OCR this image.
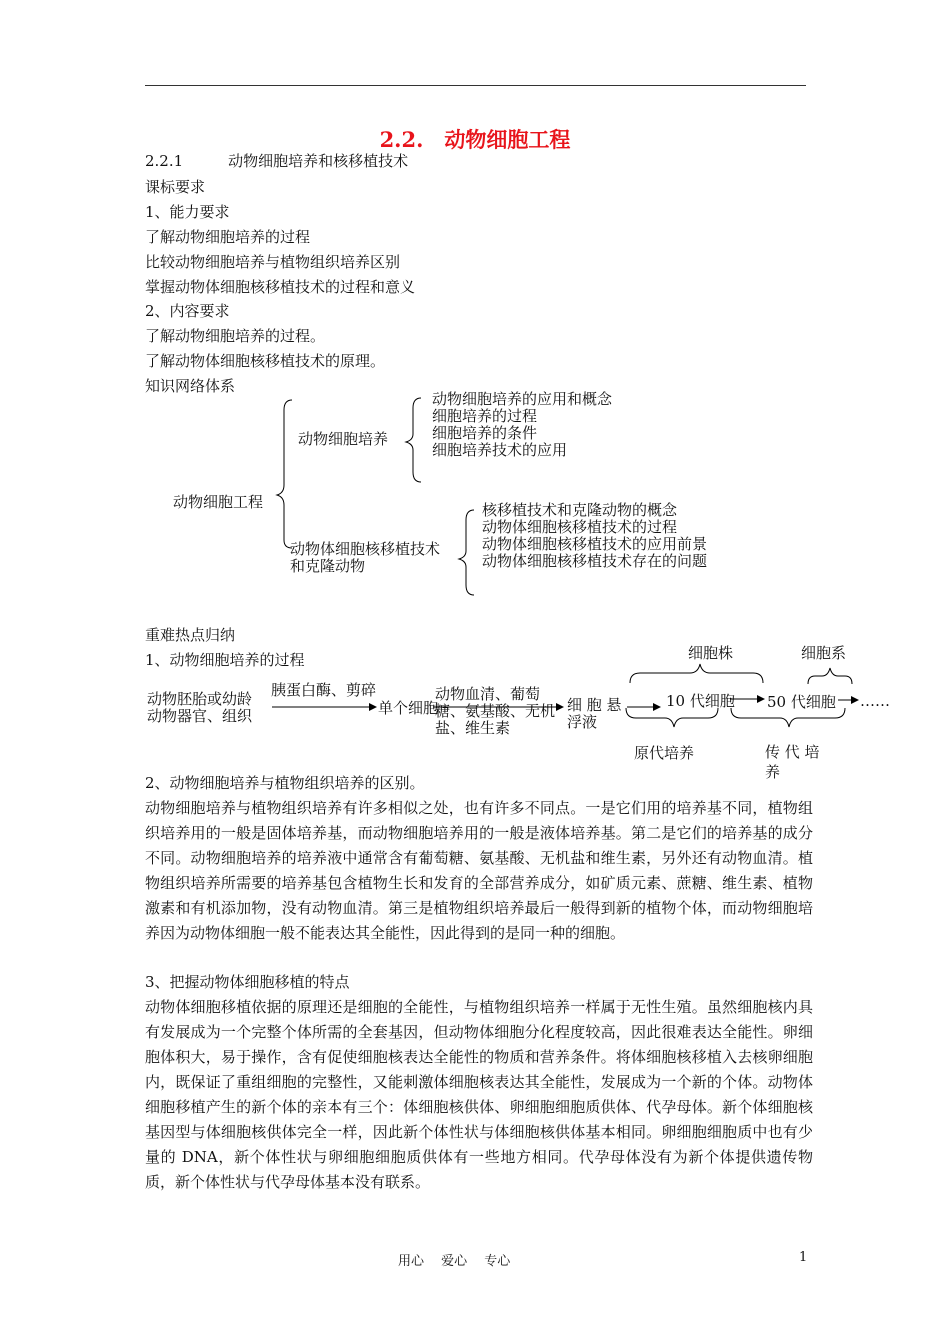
2.2.　动物细胞工程
2.2.1　　　动物细胞培养和核移植技术
课标要求
1、能力要求
了解动物细胞培养的过程
比较动物细胞培养与植物组织培养区别
掌握动物体细胞核移植技术的过程和意义
2、内容要求
了解动物细胞培养的过程。
了解动物体细胞核移植技术的原理。
知识网络体系
动物细胞工程
动物细胞培养
动物细胞培养的应用和概念
细胞培养的过程
细胞培养的条件
细胞培养技术的应用
动物体细胞核移植技术
和克隆动物
核移植技术和克隆动物的概念
动物体细胞核移植技术的过程
动物体细胞核移植技术的应用前景
动物体细胞核移植技术存在的问题
重难热点归纳
1、动物细胞培养的过程
动物胚胎或幼龄
动物器官、组织
胰蛋白酶、剪碎
单个细胞
动物血清、葡萄
糖、氨基酸、无机
盐、维生素
细 胞 悬
浮液
10 代细胞 50 代细胞 ……
细胞株	细胞系
原代培养	传 代 培
养
2、动物细胞培养与植物组织培养的区别。
动物细胞培养与植物组织培养有许多相似之处，也有许多不同点。一是它们用的培养基不同，植物组织培养用的一般是固体培养基，而动物细胞培养用的一般是液体培养基。第二是它们的培养基的成分不同。动物细胞培养的培养液中通常含有葡萄糖、氨基酸、无机盐和维生素，另外还有动物血清。植物组织培养所需要的培养基包含植物生长和发育的全部营养成分，如矿质元素、蔗糖、维生素、植物激素和有机添加物，没有动物血清。第三是植物组织培养最后一般得到新的植物个体，而动物细胞培养因为动物体细胞一般不能表达其全能性，因此得到的是同一种的细胞。
3、把握动物体细胞移植的特点
动物体细胞移植依据的原理还是细胞的全能性，与植物组织培养一样属于无性生殖。虽然细胞核内具有发展成为一个完整个体所需的全套基因，但动物体细胞分化程度较高，因此很难表达全能性。卵细胞体积大，易于操作，含有促使细胞核表达全能性的物质和营养条件。将体细胞核移植入去核卵细胞内，既保证了重组细胞的完整性，又能刺激体细胞核表达其全能性，发展成为一个新的个体。动物体细胞移植产生的新个体的亲本有三个：体细胞核供体、卵细胞细胞质供体、代孕母体。新个体细胞核基因型与体细胞核供体完全一样，因此新个体性状与体细胞核供体基本相同。卵细胞细胞质中也有少量的 DNA，新个体性状与卵细胞细胞质供体有一些地方相同。代孕母体没有为新个体提供遗传物质，新个体性状与代孕母体基本没有联系。
用心　 爱心　 专心	1
